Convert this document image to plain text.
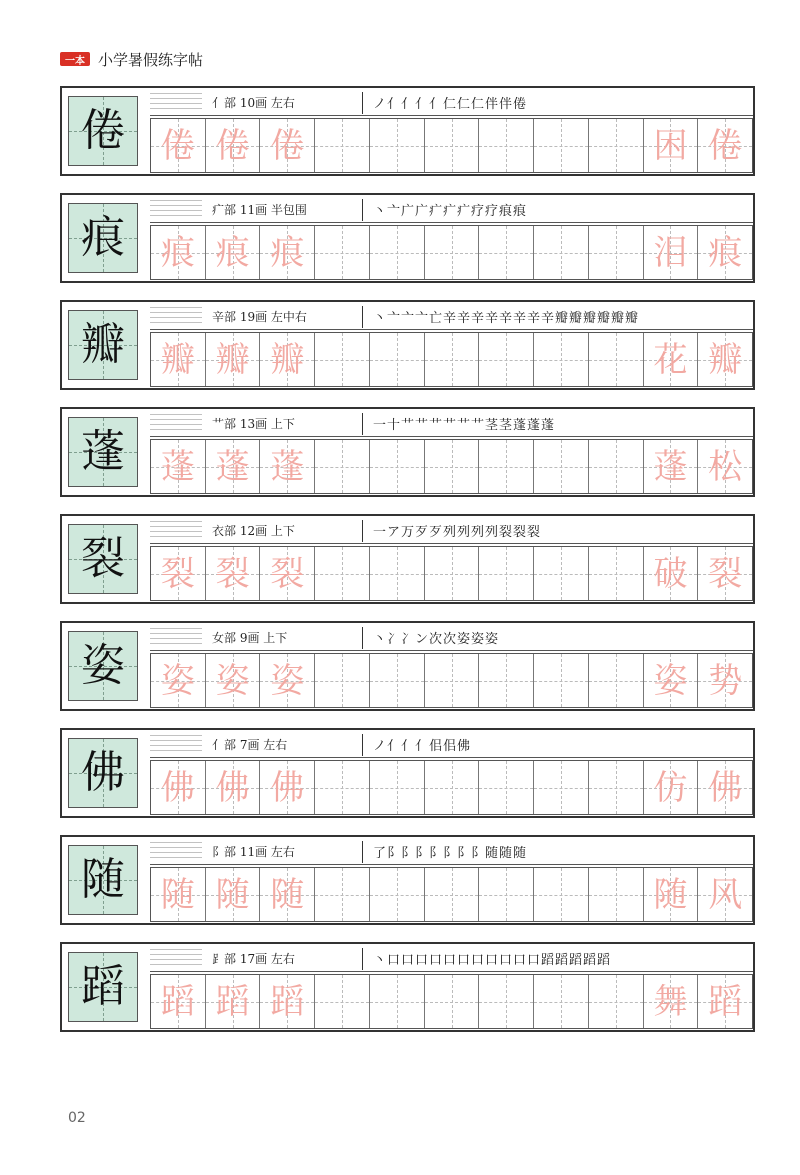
一本 小学暑假练字帖
倦
亻部 10画 左右	ノ亻亻亻亻仁仁仁伴伴倦
倦 倦 倦	困 倦
痕
疒部 11画 半包围	丶亠广广疒疒疒疗疗痕痕
痕 痕 痕	泪 痕
瓣
辛部 19画 左中右	丶亠亠亠亡辛辛辛辛辛辛辛辛瓣瓣瓣瓣瓣瓣
瓣 瓣 瓣	花 瓣
蓬
艹部 13画 上下	一十艹艹艹艹艹艹茎茎蓬蓬蓬
蓬 蓬 蓬	蓬 松
裂
衣部 12画 上下	一ア万歹歹列列列列裂裂裂
裂 裂 裂	破 裂
姿
女部 9画 上下	丶冫冫ン次次姿姿姿
姿 姿 姿	姿 势
佛
亻部 7画 左右	ノ亻亻亻佀佀佛
佛 佛 佛	仿 佛
随
阝部 11画 左右	了阝阝阝阝阝阝阝随随随
随 随 随	随 风
蹈
⻊部 17画 左右	丶口口口口口口口口口口口蹈蹈蹈蹈蹈
蹈 蹈 蹈	舞 蹈
02
